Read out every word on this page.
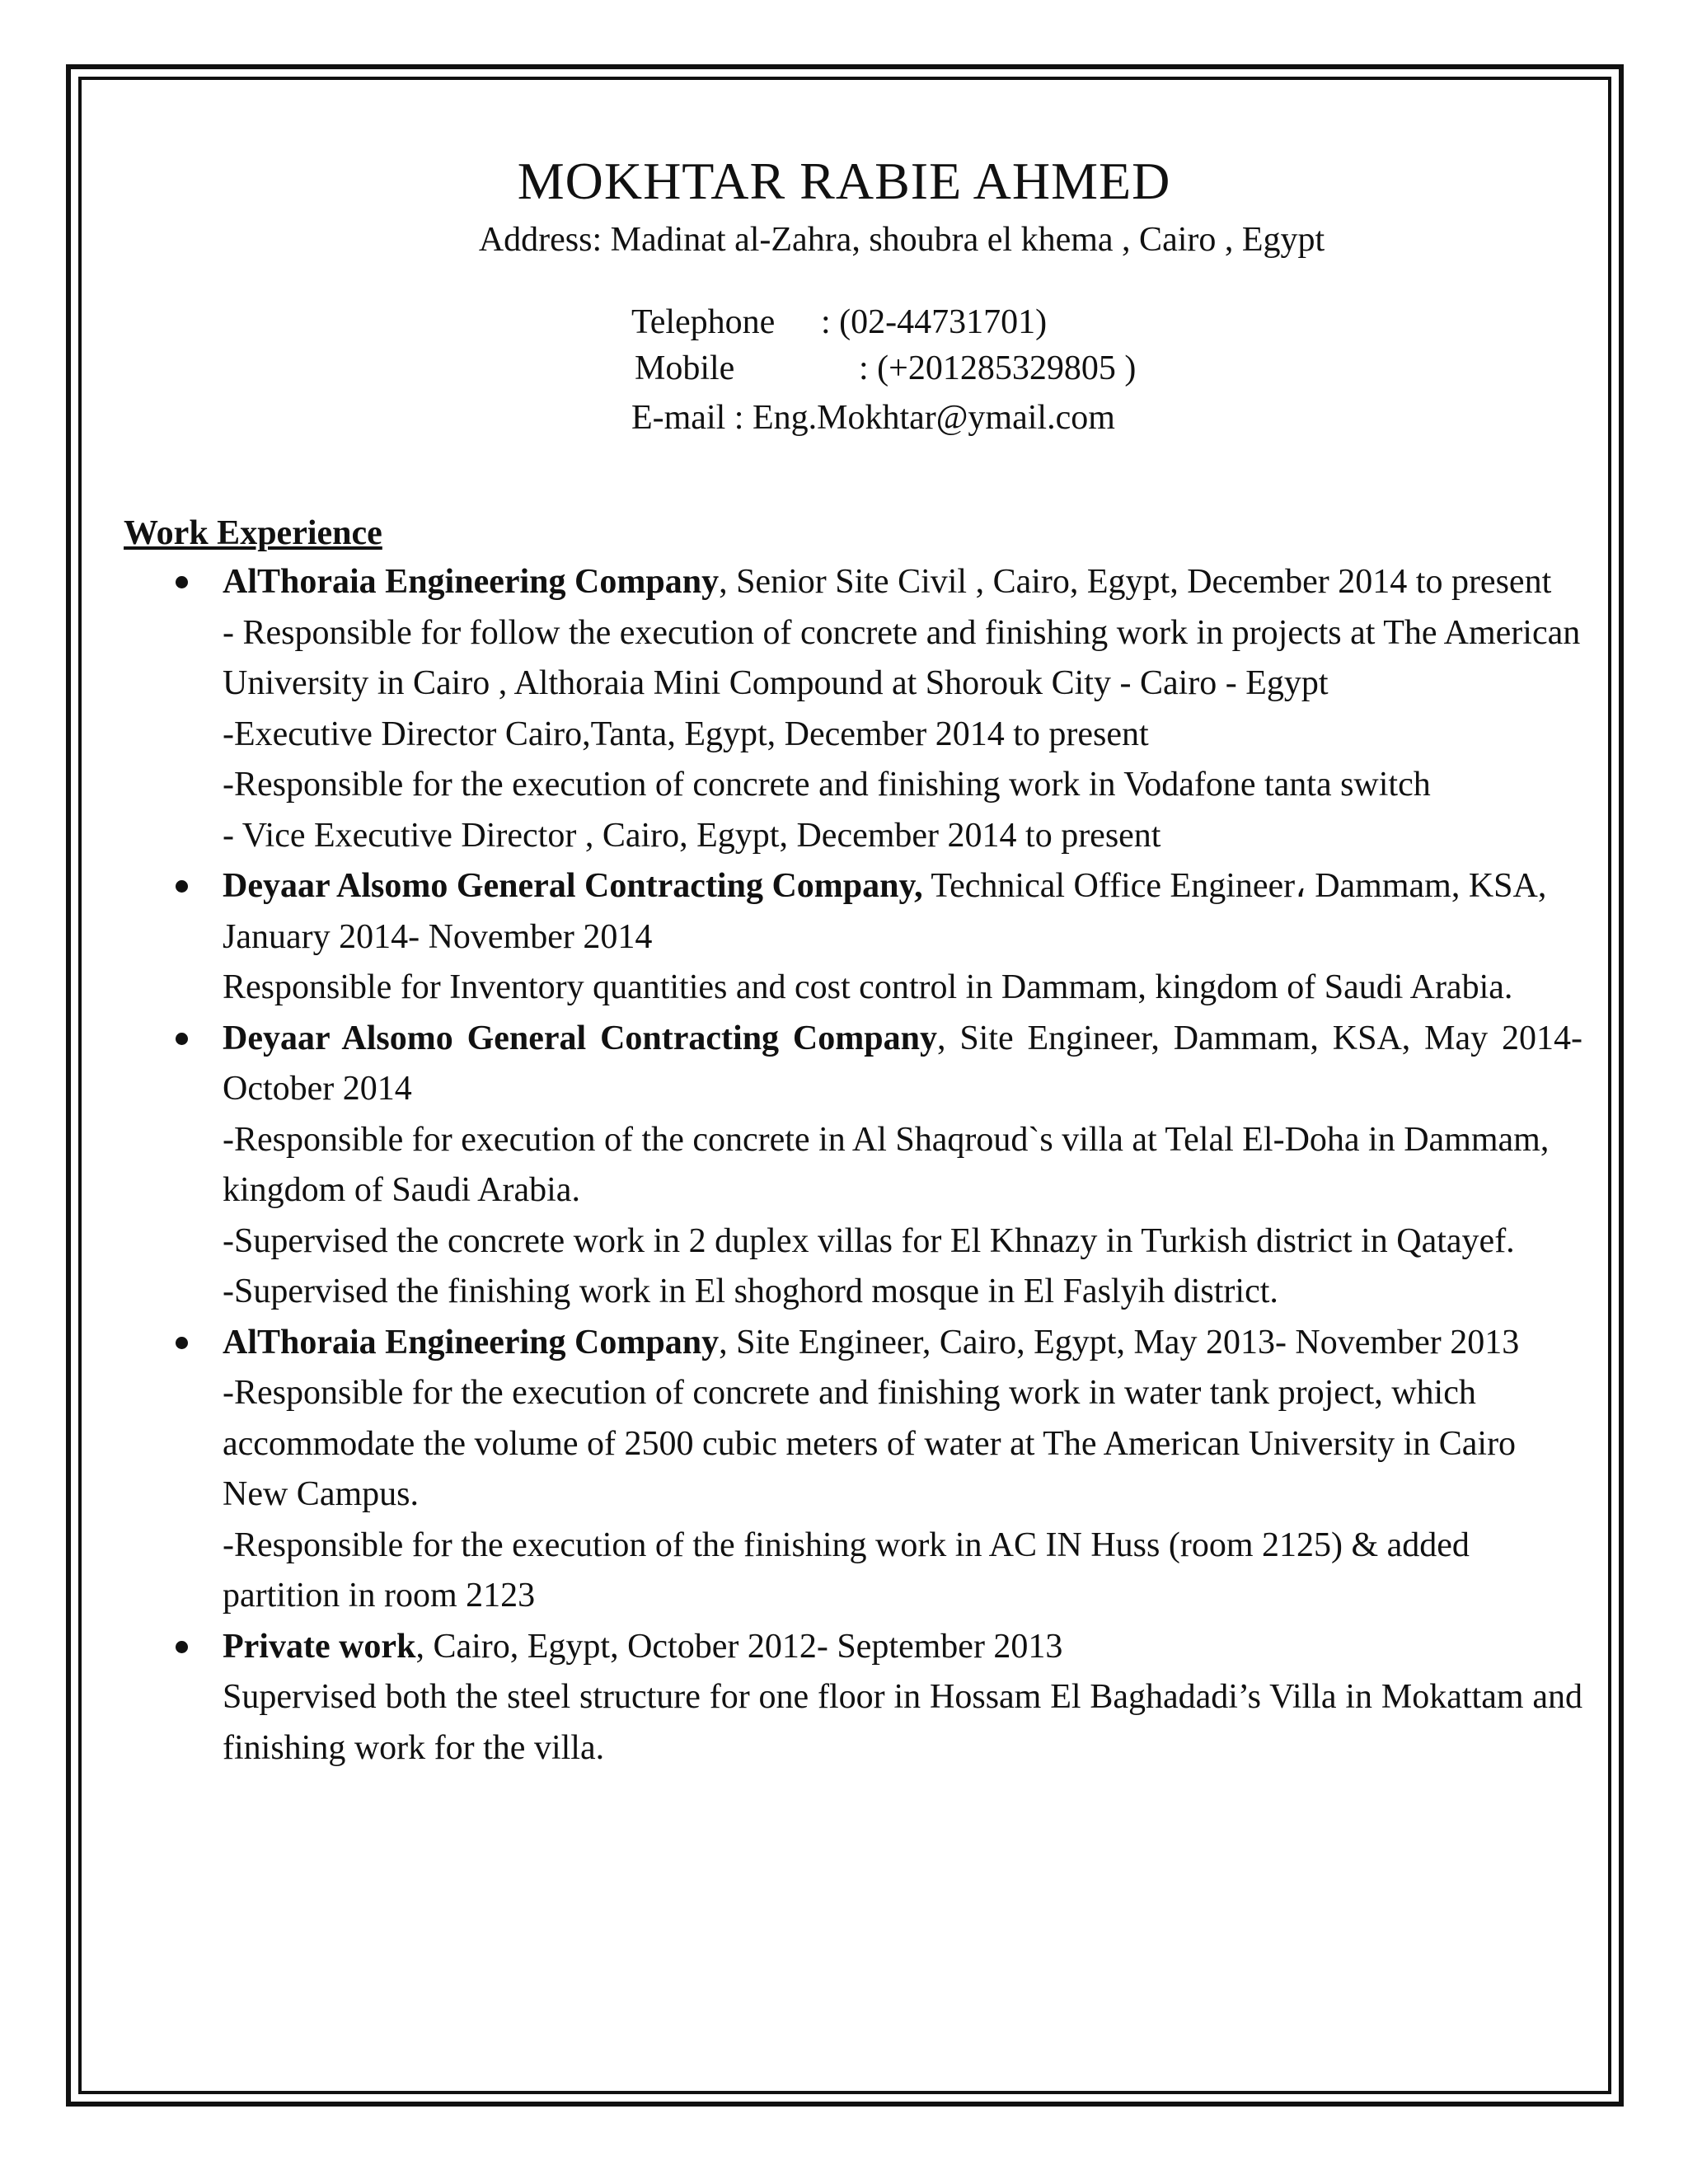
MOKHTAR RABIE AHMED
Address: Madinat al-Zahra, shoubra el khema , Cairo , Egypt
Telephone : (02-44731701)
Mobile	: (+201285329805 )
E-mail : Eng.Mokhtar@ymail.com
Work Experience

AlThoraia Engineering Company, Senior Site Civil , Cairo, Egypt, December 2014 to present

- Responsible for follow the execution of concrete and finishing work in projects at The American University in Cairo , Althoraia Mini Compound at Shorouk City - Cairo - Egypt

-Executive Director Cairo,Tanta, Egypt, December 2014 to present

-Responsible for the execution of concrete and finishing work in Vodafone tanta switch

- Vice Executive Director , Cairo, Egypt, December 2014 to present

Deyaar Alsomo General Contracting Company, Technical Office Engineer، Dammam, KSA, January 2014- November 2014

Responsible for Inventory quantities and cost control in Dammam, kingdom of Saudi Arabia.

Deyaar Alsomo General Contracting Company, Site Engineer, Dammam, KSA, May 2014- October 2014

-Responsible for execution of the concrete in Al Shaqroud`s villa at Telal El-Doha in Dammam, kingdom of Saudi Arabia.

-Supervised the concrete work in 2 duplex villas for El Khnazy in Turkish district in Qatayef.

-Supervised the finishing work in El shoghord mosque in El Faslyih district.

AlThoraia Engineering Company, Site Engineer, Cairo, Egypt, May 2013- November 2013

-Responsible for the execution of concrete and finishing work in water tank project, which accommodate the volume of 2500 cubic meters of water at The American University in Cairo New Campus.

-Responsible for the execution of the finishing work in AC IN Huss (room 2125) & added partition in room 2123

Private work, Cairo, Egypt, October 2012- September 2013

Supervised both the steel structure for one floor in Hossam El Baghadadi’s Villa in Mokattam and finishing work for the villa.
